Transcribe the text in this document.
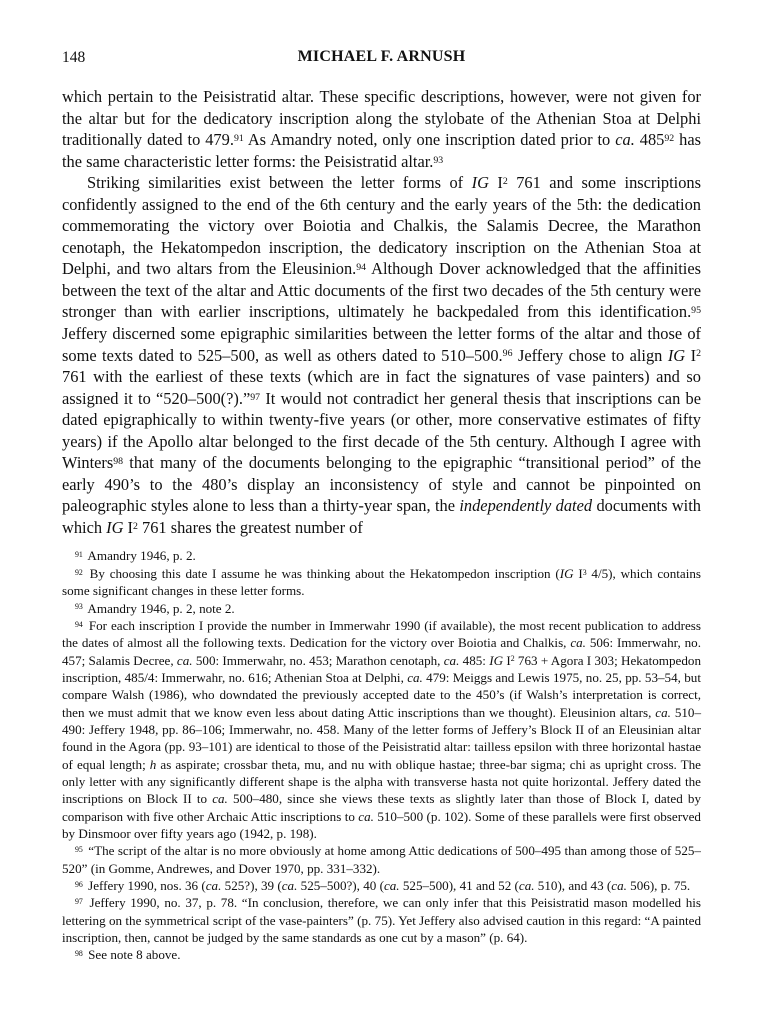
148	MICHAEL F. ARNUSH

which pertain to the Peisistratid altar. These specific descriptions, however, were not given for the altar but for the dedicatory inscription along the stylobate of the Athenian Stoa at Delphi traditionally dated to 479.91 As Amandry noted, only one inscription dated prior to ca. $485^{92}$ has the same characteristic letter forms: the Peisistratid altar.$^{93}$

Striking similarities exist between the letter forms of IG $I^2$ 761 and some inscriptions confidently assigned to the end of the 6th century and the early years of the 5th: the dedication commemorating the victory over Boiotia and Chalkis, the Salamis Decree, the Marathon cenotaph, the Hekatompedon inscription, the dedicatory inscription on the Athenian Stoa at Delphi, and two altars from the Eleusinion.$^{94}$ Although Dover acknowledged that the affinities between the text of the altar and Attic documents of the first two decades of the 5th century were stronger than with earlier inscriptions, ultimately he backpedaled from this identification.$^{95}$ Jeffery discerned some epigraphic similarities between the letter forms of the altar and those of some texts dated to 525–500, as well as others dated to 510–500.96 Jeffery chose to align IG $I^2$ 761 with the earliest of these texts (which are in fact the signatures of vase painters) and so assigned it to “520–500(?).”$^{97}$ It would not contradict her general thesis that inscriptions can be dated epigraphically to within twenty-five years (or other, more conservative estimates of fifty years) if the Apollo altar belonged to the first decade of the 5th century. Although I agree with Winters$^{98}$ that many of the documents belonging to the epigraphic “transitional period” of the early 490’s to the 480’s display an inconsistency of style and cannot be pinpointed on paleographic styles alone to less than a thirty-year span, the independently dated documents with which IG $I^2$ 761 shares the greatest number of

$^{91}$ Amandry 1946, p. 2.

$^{92}$ By choosing this date I assume he was thinking about the Hekatompedon inscription (IG $I^3$ 4/5), which contains some significant changes in these letter forms.

$^{93}$ Amandry 1946, p. 2, note 2.

$^{94}$ For each inscription I provide the number in Immerwahr 1990 (if available), the most recent publication to address the dates of almost all the following texts. Dedication for the victory over Boiotia and Chalkis, ca. 506: Immerwahr, no. 457; Salamis Decree, ca. 500: Immerwahr, no. 453; Marathon cenotaph, ca. 485: IG $I^2$ 763 + Agora I 303; Hekatompedon inscription, 485/4: Immerwahr, no. 616; Athenian Stoa at Delphi, ca. 479: Meiggs and Lewis 1975, no. 25, pp. 53–54, but compare Walsh (1986), who downdated the previously accepted date to the 450’s (if Walsh’s interpretation is correct, then we must admit that we know even less about dating Attic inscriptions than we thought). Eleusinion altars, ca. 510–490: Jeffery 1948, pp. 86–106; Immerwahr, no. 458. Many of the letter forms of Jeffery’s Block II of an Eleusinian altar found in the Agora (pp. 93–101) are identical to those of the Peisistratid altar: tailless epsilon with three horizontal hastae of equal length; h as aspirate; crossbar theta, mu, and nu with oblique hastae; three-bar sigma; chi as upright cross. The only letter with any significantly different shape is the alpha with transverse hasta not quite horizontal. Jeffery dated the inscriptions on Block II to ca. 500–480, since she views these texts as slightly later than those of Block I, dated by comparison with five other Archaic Attic inscriptions to ca. 510–500 (p. 102). Some of these parallels were first observed by Dinsmoor over fifty years ago (1942, p. 198).

$^{95}$ “The script of the altar is no more obviously at home among Attic dedications of 500–495 than among those of 525–520” (in Gomme, Andrewes, and Dover 1970, pp. 331–332).

$^{96}$ Jeffery 1990, nos. 36 (ca. 525?), 39 (ca. 525–500?), 40 (ca. 525–500), 41 and 52 (ca. 510), and 43 (ca. 506), p. 75.

$^{97}$ Jeffery 1990, no. 37, p. 78. “In conclusion, therefore, we can only infer that this Peisistratid mason modelled his lettering on the symmetrical script of the vase-painters” (p. 75). Yet Jeffery also advised caution in this regard: “A painted inscription, then, cannot be judged by the same standards as one cut by a mason” (p. 64).

$^{98}$ See note 8 above.
